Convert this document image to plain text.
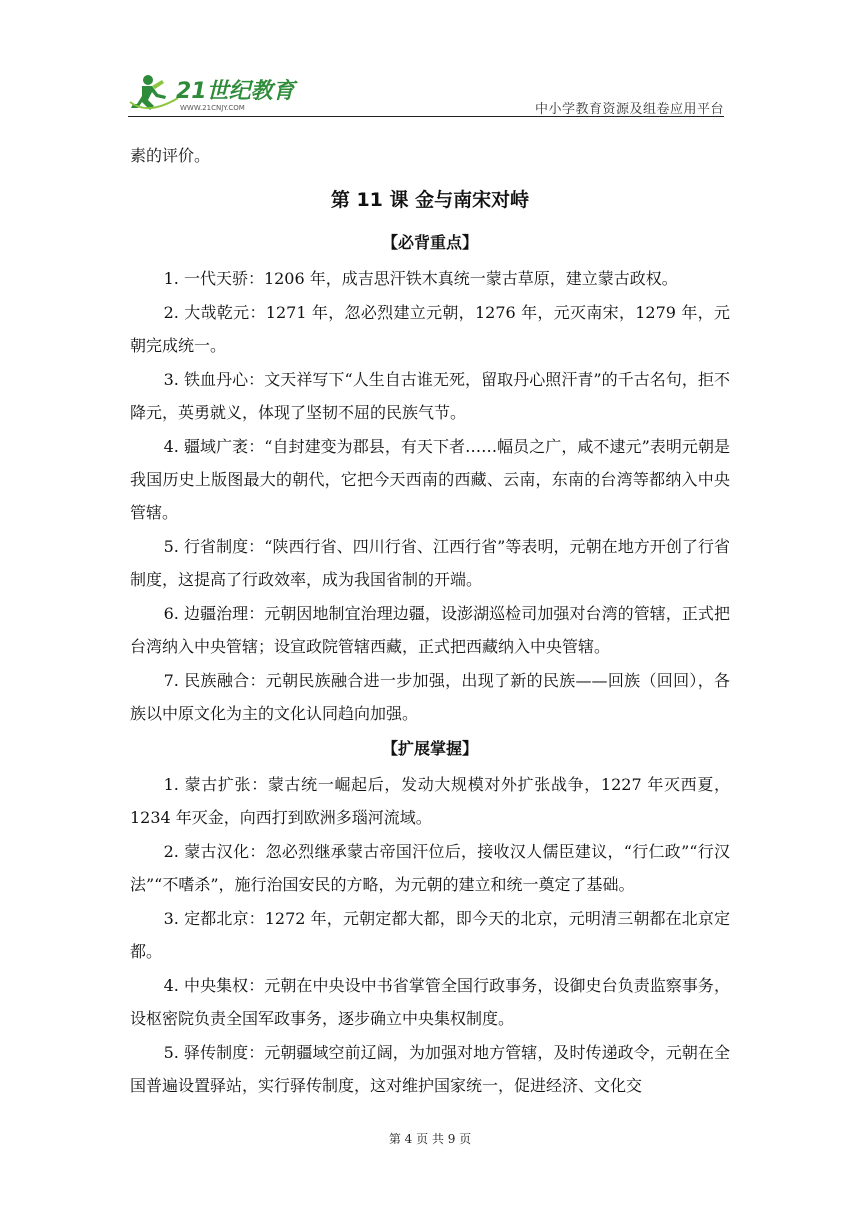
21世纪教育
WWW.21CNJY.COM	中小学教育资源及组卷应用平台

素的评价。

第 11 课 金与南宋对峙
【必背重点】

1. 一代天骄：1206 年，成吉思汗铁木真统一蒙古草原，建立蒙古政权。

2. 大哉乾元：1271 年，忽必烈建立元朝，1276 年，元灭南宋，1279 年，元朝完成统一。

3. 铁血丹心：文天祥写下“人生自古谁无死，留取丹心照汗青”的千古名句，拒不降元，英勇就义，体现了坚韧不屈的民族气节。

4. 疆域广袤：“自封建变为郡县，有天下者……幅员之广，咸不逮元”表明元朝是我国历史上版图最大的朝代，它把今天西南的西藏、云南，东南的台湾等都纳入中央管辖。

5. 行省制度：“陕西行省、四川行省、江西行省”等表明，元朝在地方开创了行省制度，这提高了行政效率，成为我国省制的开端。

6. 边疆治理：元朝因地制宜治理边疆，设澎湖巡检司加强对台湾的管辖，正式把台湾纳入中央管辖；设宣政院管辖西藏，正式把西藏纳入中央管辖。

7. 民族融合：元朝民族融合进一步加强，出现了新的民族——回族（回回），各族以中原文化为主的文化认同趋向加强。

【扩展掌握】

1. 蒙古扩张：蒙古统一崛起后，发动大规模对外扩张战争，1227 年灭西夏，1234 年灭金，向西打到欧洲多瑙河流域。

2. 蒙古汉化：忽必烈继承蒙古帝国汗位后，接收汉人儒臣建议，“行仁政”“行汉法”“不嗜杀”，施行治国安民的方略，为元朝的建立和统一奠定了基础。

3. 定都北京：1272 年，元朝定都大都，即今天的北京，元明清三朝都在北京定都。

4. 中央集权：元朝在中央设中书省掌管全国行政事务，设御史台负责监察事务，设枢密院负责全国军政事务，逐步确立中央集权制度。

5. 驿传制度：元朝疆域空前辽阔，为加强对地方管辖，及时传递政令，元朝在全国普遍设置驿站，实行驿传制度，这对维护国家统一，促进经济、文化交

第 4 页 共 9 页
